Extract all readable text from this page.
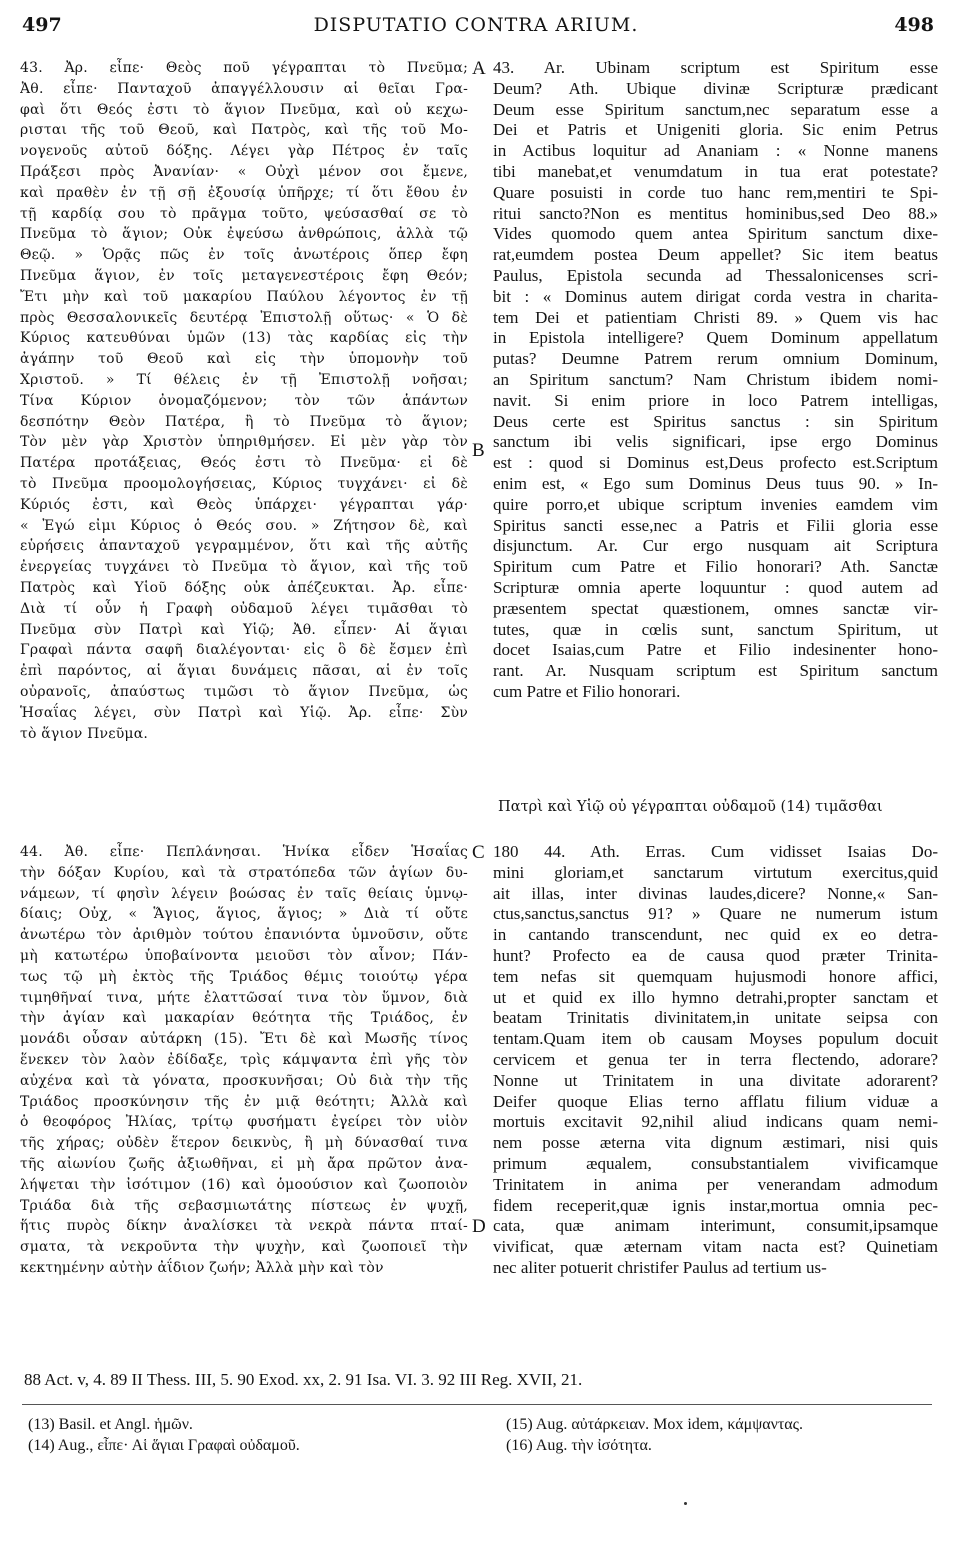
497	DISPUTATIO CONTRA ARIUM.	498
43. Ἀρ. εἶπε· Θεὸς ποῦ γέγραπται τὸ Πνεῦμα;
Ἀθ. εἶπε· Πανταχοῦ ἀπαγγέλλουσιν αἱ θεῖαι Γρα-
φαὶ ὅτι Θεός ἐστι τὸ ἅγιον Πνεῦμα, καὶ οὐ κεχω-
ρισται τῆς τοῦ Θεοῦ, καὶ Πατρὸς, καὶ τῆς τοῦ Μο-
νογενοῦς αὐτοῦ δόξης. Λέγει γὰρ Πέτρος ἐν ταῖς
Πράξεσι πρὸς Ἀνανίαν· « Οὐχὶ μένον σοι ἔμενε,
καὶ πραθὲν ἐν τῇ σῇ ἐξουσίᾳ ὑπῆρχε; τί ὅτι ἔθου ἐν
τῇ καρδίᾳ σου τὸ πρᾶγμα τοῦτο, ψεύσασθαί σε τὸ
Πνεῦμα τὸ ἅγιον; Οὐκ ἐψεύσω ἀνθρώποις, ἀλλὰ τῷ
Θεῷ. » Ὁρᾷς πῶς ἐν τοῖς ἀνωτέροις ὅπερ ἔφη
Πνεῦμα ἅγιον, ἐν τοῖς μεταγενεστέροις ἔφη Θεόν;
Ἔτι μὴν καὶ τοῦ μακαρίου Παύλου λέγοντος ἐν τῇ
πρὸς Θεσσαλονικεῖς δευτέρᾳ Ἐπιστολῇ οὕτως· « Ὁ δὲ
Κύριος κατευθύναι ὑμῶν (13) τὰς καρδίας εἰς τὴν
ἀγάπην τοῦ Θεοῦ καὶ εἰς τὴν ὑπομονὴν τοῦ
Χριστοῦ. » Τί θέλεις ἐν τῇ Ἐπιστολῇ νοῆσαι;
Τίνα Κύριον ὀνομαζόμενον; τὸν τῶν ἁπάντων
δεσπότην Θεὸν Πατέρα, ἢ τὸ Πνεῦμα τὸ ἅγιον;
Τὸν μὲν γὰρ Χριστὸν ὑπηριθμήσεν. Εἰ μὲν γὰρ τὸν
Πατέρα προτάξειας, Θεός ἐστι τὸ Πνεῦμα· εἰ δὲ
τὸ Πνεῦμα προομολογήσειας, Κύριος τυγχάνει· εἰ δὲ
Κύριός ἐστι, καὶ Θεὸς ὑπάρχει· γέγραπται γάρ·
« Ἐγώ εἰμι Κύριος ὁ Θεός σου. » Ζήτησον δὲ, καὶ
εὑρήσεις ἁπανταχοῦ γεγραμμένον, ὅτι καὶ τῆς αὐτῆς
ἐνεργείας τυγχάνει τὸ Πνεῦμα τὸ ἅγιον, καὶ τῆς τοῦ
Πατρὸς καὶ Υἱοῦ δόξης οὐκ ἀπέζευκται. Ἀρ. εἶπε·
Διὰ τί οὖν ἡ Γραφὴ οὐδαμοῦ λέγει τιμᾶσθαι τὸ
Πνεῦμα σὺν Πατρὶ καὶ Υἱῷ; Ἀθ. εἶπεν· Αἱ ἅγιαι
Γραφαὶ πάντα σαφῆ διαλέγονται· εἰς ὃ δὲ ἔσμεν ἐπὶ
ἐπὶ παρόντος, αἱ ἅγιαι δυνάμεις πᾶσαι, αἱ ἐν τοῖς
οὐρανοῖς, ἀπαύστως τιμῶσι τὸ ἅγιον Πνεῦμα, ὡς
Ἡσαΐας λέγει, σὺν Πατρὶ καὶ Υἱῷ. Ἀρ. εἶπε· Σὺν
τὸ ἅγιον Πνεῦμα.
43. Ar. Ubinam scriptum est Spiritum esse
Deum? Ath. Ubique divinæ Scripturæ prædicant
Deum esse Spiritum sanctum,nec separatum esse a
Dei et Patris et Unigeniti gloria. Sic enim Petrus
in Actibus loquitur ad Ananiam : « Nonne manens
tibi manebat,et venumdatum in tua erat potestate?
Quare posuisti in corde tuo hanc rem,mentiri te Spi-
ritui sancto?Non es mentitus hominibus,sed Deo 88.»
Vides quomodo quem antea Spiritum sanctum dixe-
rat,eumdem postea Deum appellet? Sic item beatus
Paulus, Epistola secunda ad Thessalonicenses scri-
bit : « Dominus autem dirigat corda vestra in charita-
tem Dei et patientiam Christi 89. » Quem vis hac
in Epistola intelligere? Quem Dominum appellatum
putas? Deumne Patrem rerum omnium Dominum,
an Spiritum sanctum? Nam Christum ibidem nomi-
navit. Si enim priore in loco Patrem intelligas,
Deus certe est Spiritus sanctus : sin Spiritum
sanctum ibi velis significari, ipse ergo Dominus
est : quod si Dominus est,Deus profecto est.Scriptum
enim est, « Ego sum Dominus Deus tuus 90. » In-
quire porro,et ubique scriptum invenies eamdem vim
Spiritus sancti esse,nec a Patris et Filii gloria esse
disjunctum. Ar. Cur ergo nusquam ait Scriptura
Spiritum cum Patre et Filio honorari? Ath. Sanctæ
Scripturæ omnia aperte loquuntur : quod autem ad
præsentem spectat quæstionem, omnes sanctæ vir-
tutes, quæ in cœlis sunt, sanctum Spiritum, ut
docet Isaias,cum Patre et Filio indesinenter hono-
rant. Ar. Nusquam scriptum est Spiritum sanctum
cum Patre et Filio honorari.
Πατρὶ καὶ Υἱῷ οὐ γέγραπται οὐδαμοῦ (14) τιμᾶσθαι
44. Ἀθ. εἶπε· Πεπλάνησαι. Ἡνίκα εἶδεν Ἡσαΐας
τὴν δόξαν Κυρίου, καὶ τὰ στρατόπεδα τῶν ἁγίων δυ-
νάμεων, τί φησὶν λέγειν βοώσας ἐν ταῖς θείαις ὑμνῳ-
δίαις; Οὐχ, « Ἅγιος, ἅγιος, ἅγιος; » Διὰ τί οὔτε
ἀνωτέρω τὸν ἀριθμὸν τούτου ἐπανιόντα ὑμνοῦσιν, οὔτε
μὴ κατωτέρω ὑποβαίνοντα μειοῦσι τὸν αἶνον; Πάν-
τως τῷ μὴ ἐκτὸς τῆς Τριάδος θέμις τοιούτῳ γέρα
τιμηθῆναί τινα, μήτε ἐλαττῶσαί τινα τὸν ὕμνον, διὰ
τὴν ἁγίαν καὶ μακαρίαν θεότητα τῆς Τριάδος, ἐν
μονάδι οὖσαν αὐτάρκη (15). Ἔτι δὲ καὶ Μωσῆς τίνος
ἕνεκεν τὸν λαὸν ἐδίδαξε, τρὶς κάμψαντα ἐπὶ γῆς τὸν
αὐχένα καὶ τὰ γόνατα, προσκυνῆσαι; Οὐ διὰ τὴν τῆς
Τριάδος προσκύνησιν τῆς ἐν μιᾷ θεότητι; Ἀλλὰ καὶ
ὁ θεοφόρος Ἠλίας, τρίτῳ φυσήματι ἐγείρει τὸν υἱὸν
τῆς χήρας; οὐδὲν ἕτερον δεικνὺς, ἢ μὴ δύνασθαί τινα
τῆς αἰωνίου ζωῆς ἀξιωθῆναι, εἰ μὴ ἄρα πρῶτον ἀνα-
λήψεται τὴν ἰσότιμον (16) καὶ ὁμοούσιον καὶ ζωοποιὸν
Τριάδα διὰ τῆς σεβασμιωτάτης πίστεως ἐν ψυχῇ,
ἥτις πυρὸς δίκην ἀναλίσκει τὰ νεκρὰ πάντα πταί-
σματα, τὰ νεκροῦντα τὴν ψυχὴν, καὶ ζωοποιεῖ τὴν
κεκτημένην αὐτὴν ἀΐδιον ζωήν; Ἀλλὰ μὴν καὶ τὸν
180 44. Ath. Erras. Cum vidisset Isaias Do-
mini gloriam,et sanctarum virtutum exercitus,quid
ait illas, inter divinas laudes,dicere? Nonne,« San-
ctus,sanctus,sanctus 91? » Quare ne numerum istum
in cantando transcendunt, nec quid ex eo detra-
hunt? Profecto ea de causa quod præter Trinita-
tem nefas sit quemquam hujusmodi honore affici,
ut et quid ex illo hymno detrahi,propter sanctam et
beatam Trinitatis divinitatem,in unitate seipsa con
tentam.Quam item ob causam Moyses populum docuit
cervicem et genua ter in terra flectendo, adorare?
Nonne ut Trinitatem in una divitate adorarent?
Deifer quoque Elias terno afflatu filium viduæ a
mortuis excitavit 92,nihil aliud indicans quam nemi-
nem posse æterna vita dignum æstimari, nisi quis
primum æqualem, consubstantialem vivificamque
Trinitatem in anima per venerandam admodum
fidem receperit,quæ ignis instar,mortua omnia pec-
cata, quæ animam interimunt, consumit,ipsamque
vivificat, quæ æternam vitam nacta est? Quinetiam
nec aliter potuerit christifer Paulus ad tertium us-
A
B
C
D
88 Act. v, 4. 89 II Thess. III, 5. 90 Exod. xx, 2. 91 Isa. VI. 3. 92 III Reg. XVII, 21.
(13) Basil. et Angl. ἡμῶν.
(14) Aug., εἶπε· Αἱ ἅγιαι Γραφαὶ οὐδαμοῦ.
(15) Aug. αὐτάρκειαν. Mox idem, κάμψαντας.
(16) Aug. τὴν ἰσότητα.
